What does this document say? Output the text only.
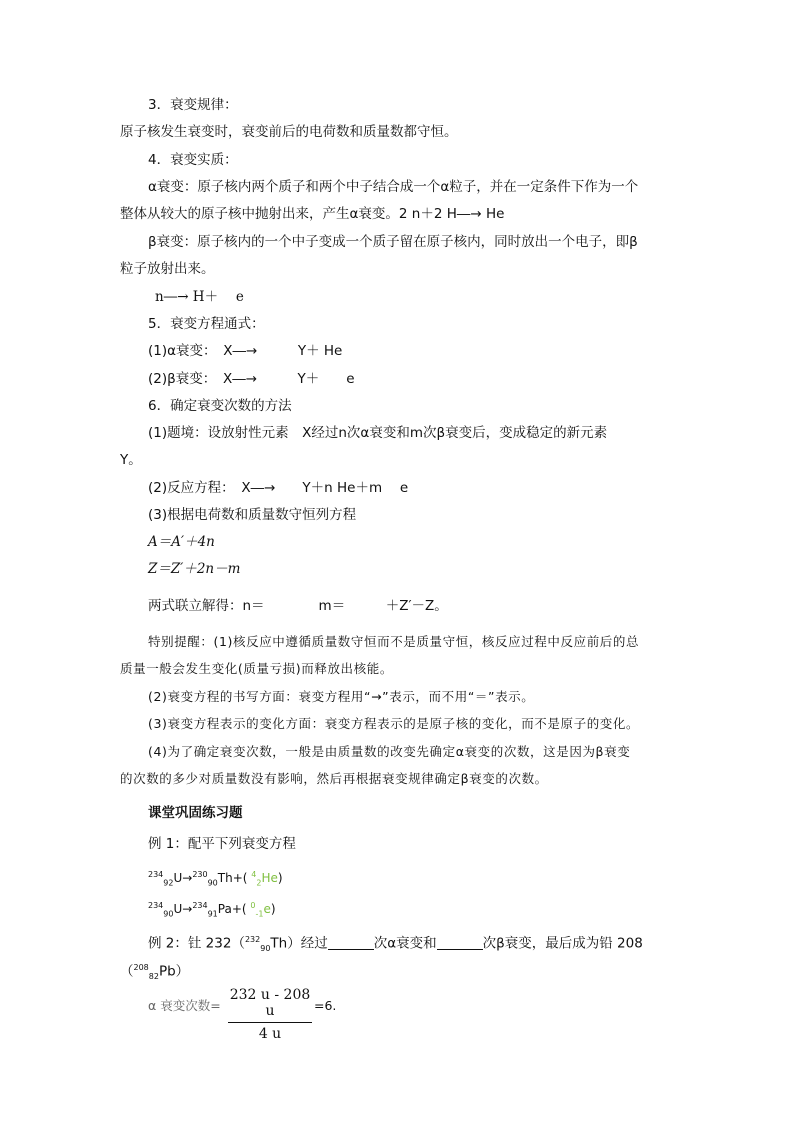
3．衰变规律：
原子核发生衰变时，衰变前后的电荷数和质量数都守恒。
4．衰变实质：
α衰变：原子核内两个质子和两个中子结合成一个α粒子，并在一定条件下作为一个
整体从较大的原子核中抛射出来，产生α衰变。2 n＋2 H―→ He
β衰变：原子核内的一个中子变成一个质子留在原子核内，同时放出一个电子，即β
粒子放射出来。
n―→ H＋　 e
5．衰变方程通式：
(1)α衰变：　X―→　　　Y＋ He
(2)β衰变：　X―→　　　Y＋　　e
6．确定衰变次数的方法
(1)题境：设放射性元素　X经过n次α衰变和m次β衰变后，变成稳定的新元素
Y。
(2)反应方程：　X―→　　Y＋n He＋m　 e
(3)根据电荷数和质量数守恒列方程
A＝A′＋4n
Z＝Z′＋2n－m
两式联立解得：n＝　　　　m＝　　　＋Z′－Z。
特别提醒：(1)核反应中遵循质量数守恒而不是质量守恒，核反应过程中反应前后的总
质量一般会发生变化(质量亏损)而释放出核能。
(2)衰变方程的书写方面：衰变方程用“→”表示，而不用“＝”表示。
(3)衰变方程表示的变化方面：衰变方程表示的是原子核的变化，而不是原子的变化。
(4)为了确定衰变次数，一般是由质量数的改变先确定α衰变的次数，这是因为β衰变
的次数的多少对质量数没有影响，然后再根据衰变规律确定β衰变的次数。
课堂巩固练习题
例 1：配平下列衰变方程
$^{234}_{92}$U→$^{230}_{90}$Th+( $^4_2$He)
$^{234}_{90}$U→$^{234}_{91}$Pa+( $^0_{-1}$e)
例 2：钍 232（$^{232}_{90}$Th）经过	次α衰变和	次β衰变，最后成为铅 208
（$^{208}_{82}$Pb）
α 衰变次数=
232 u - 208 u
4 u
=6.
